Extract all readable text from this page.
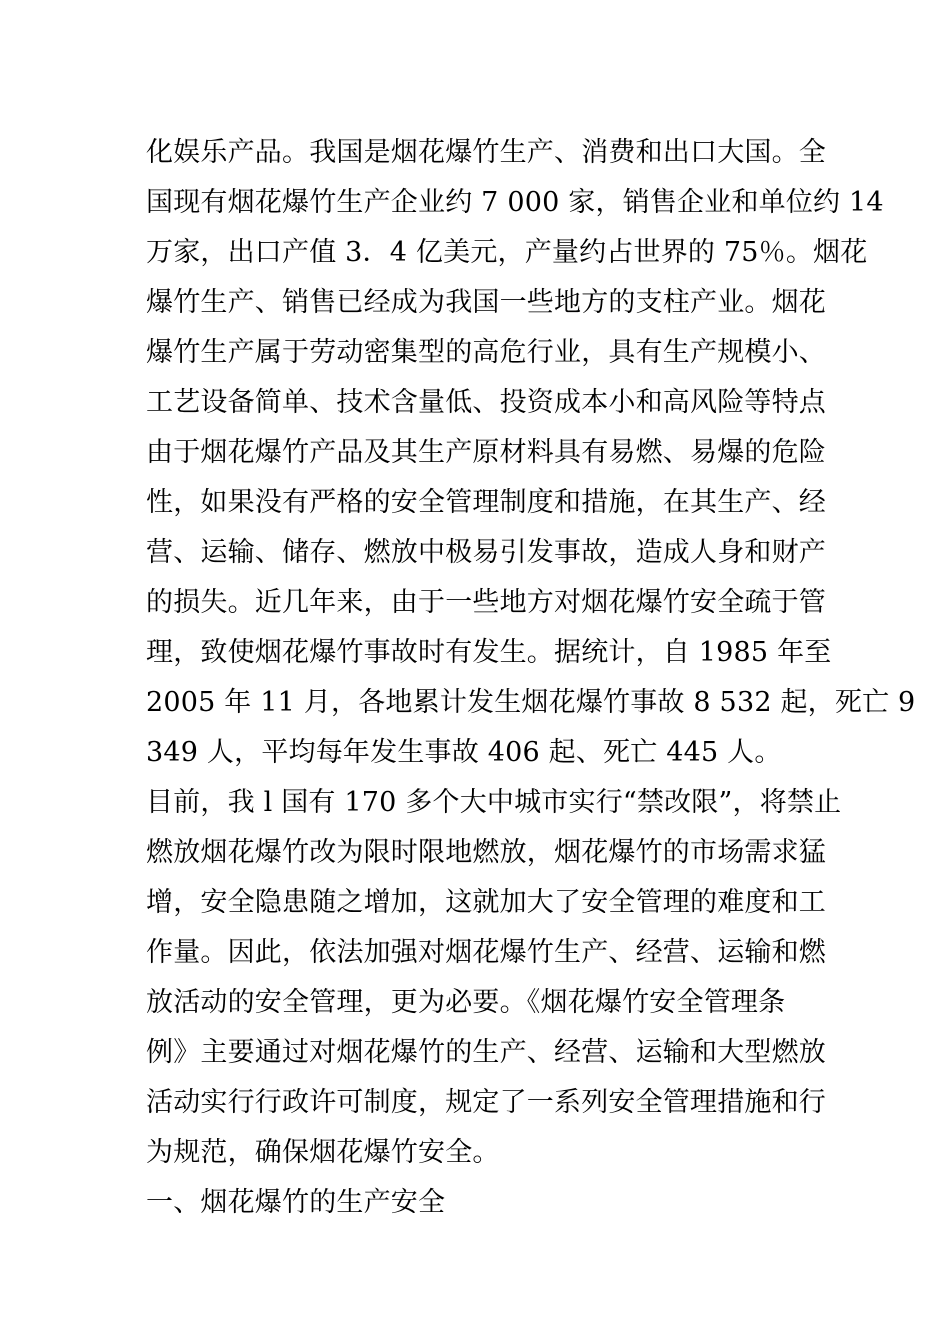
化娱乐产品。我国是烟花爆竹生产、消费和出口大国。全
国现有烟花爆竹生产企业约 7 000 家，销售企业和单位约 14
万家，出口产值 3．4 亿美元，产量约占世界的 75％。烟花
爆竹生产、销售已经成为我国一些地方的支柱产业。烟花
爆竹生产属于劳动密集型的高危行业，具有生产规模小、
工艺设备简单、技术含量低、投资成本小和高风险等特点
由于烟花爆竹产品及其生产原材料具有易燃、易爆的危险
性，如果没有严格的安全管理制度和措施，在其生产、经
营、运输、储存、燃放中极易引发事故，造成人身和财产
的损失。近几年来，由于一些地方对烟花爆竹安全疏于管
理，致使烟花爆竹事故时有发生。据统计，自 1985 年至
2005 年 11 月，各地累计发生烟花爆竹事故 8 532 起，死亡 9
349 人，平均每年发生事故 406 起、死亡 445 人。
目前，我 l 国有 170 多个大中城市实行“禁改限”，将禁止
燃放烟花爆竹改为限时限地燃放，烟花爆竹的市场需求猛
增，安全隐患随之增加，这就加大了安全管理的难度和工
作量。因此，依法加强对烟花爆竹生产、经营、运输和燃
放活动的安全管理，更为必要。《烟花爆竹安全管理条
例》主要通过对烟花爆竹的生产、经营、运输和大型燃放
活动实行行政许可制度，规定了一系列安全管理措施和行
为规范，确保烟花爆竹安全。
一、烟花爆竹的生产安全
